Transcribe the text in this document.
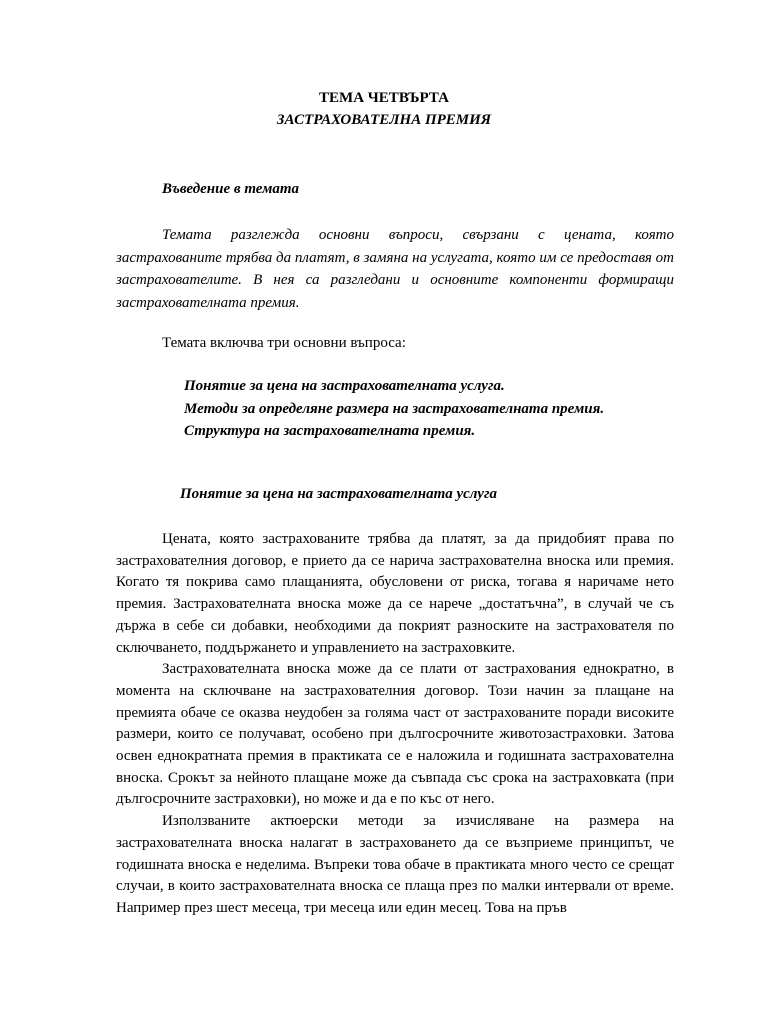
ТЕМА ЧЕТВЪРТА
ЗАСТРАХОВАТЕЛНА ПРЕМИЯ
Въведение в темата

Темата разглежда основни въпроси, свързани с цената, която застрахованите трябва да платят, в замяна на услугата, която им се предоставя от застрахователите. В нея са разгледани и основните компоненти формиращи застрахователната премия.

Темата включва три основни въпроса:
Понятие за цена на застрахователната услуга.
Методи за определяне размера на застрахователната премия.
Структура на застрахователната премия.
Понятие за цена на застрахователната услуга

Цената, която застрахованите трябва да платят, за да придобият права по застрахователния договор, е прието да се нарича застрахователна вноска или премия. Когато тя покрива само плащанията, обусловени от риска, тогава я наричаме нето премия. Застрахователната вноска може да се нарече „достатъчна”, в случай че съ държа в себе си добавки, необходими да покрият разноските на застрахователя по сключването, поддържането и управлението на застраховките.

Застрахователната вноска може да се плати от застрахования еднократно, в момента на сключване на застрахователния договор. Този начин за плащане на премията обаче се оказва неудобен за голяма част от застрахованите поради високите размери, които се получават, особено при дългосрочните животозастраховки. Затова освен еднократната премия в практиката се е наложила и годишната застрахователна вноска. Срокът за нейното плащане може да съвпада със срока на застраховката (при дългосрочните застраховки), но може и да е по къс от него.

Използваните актюерски методи за изчисляване на размера на застрахователната вноска налагат в застраховането да се възприеме принципът, че годишната вноска е неделима. Въпреки това обаче в практиката много често се срещат случаи, в които застрахователната вноска се плаща през по малки интервали от време. Например през шест месеца, три месеца или един месец. Това на пръв
